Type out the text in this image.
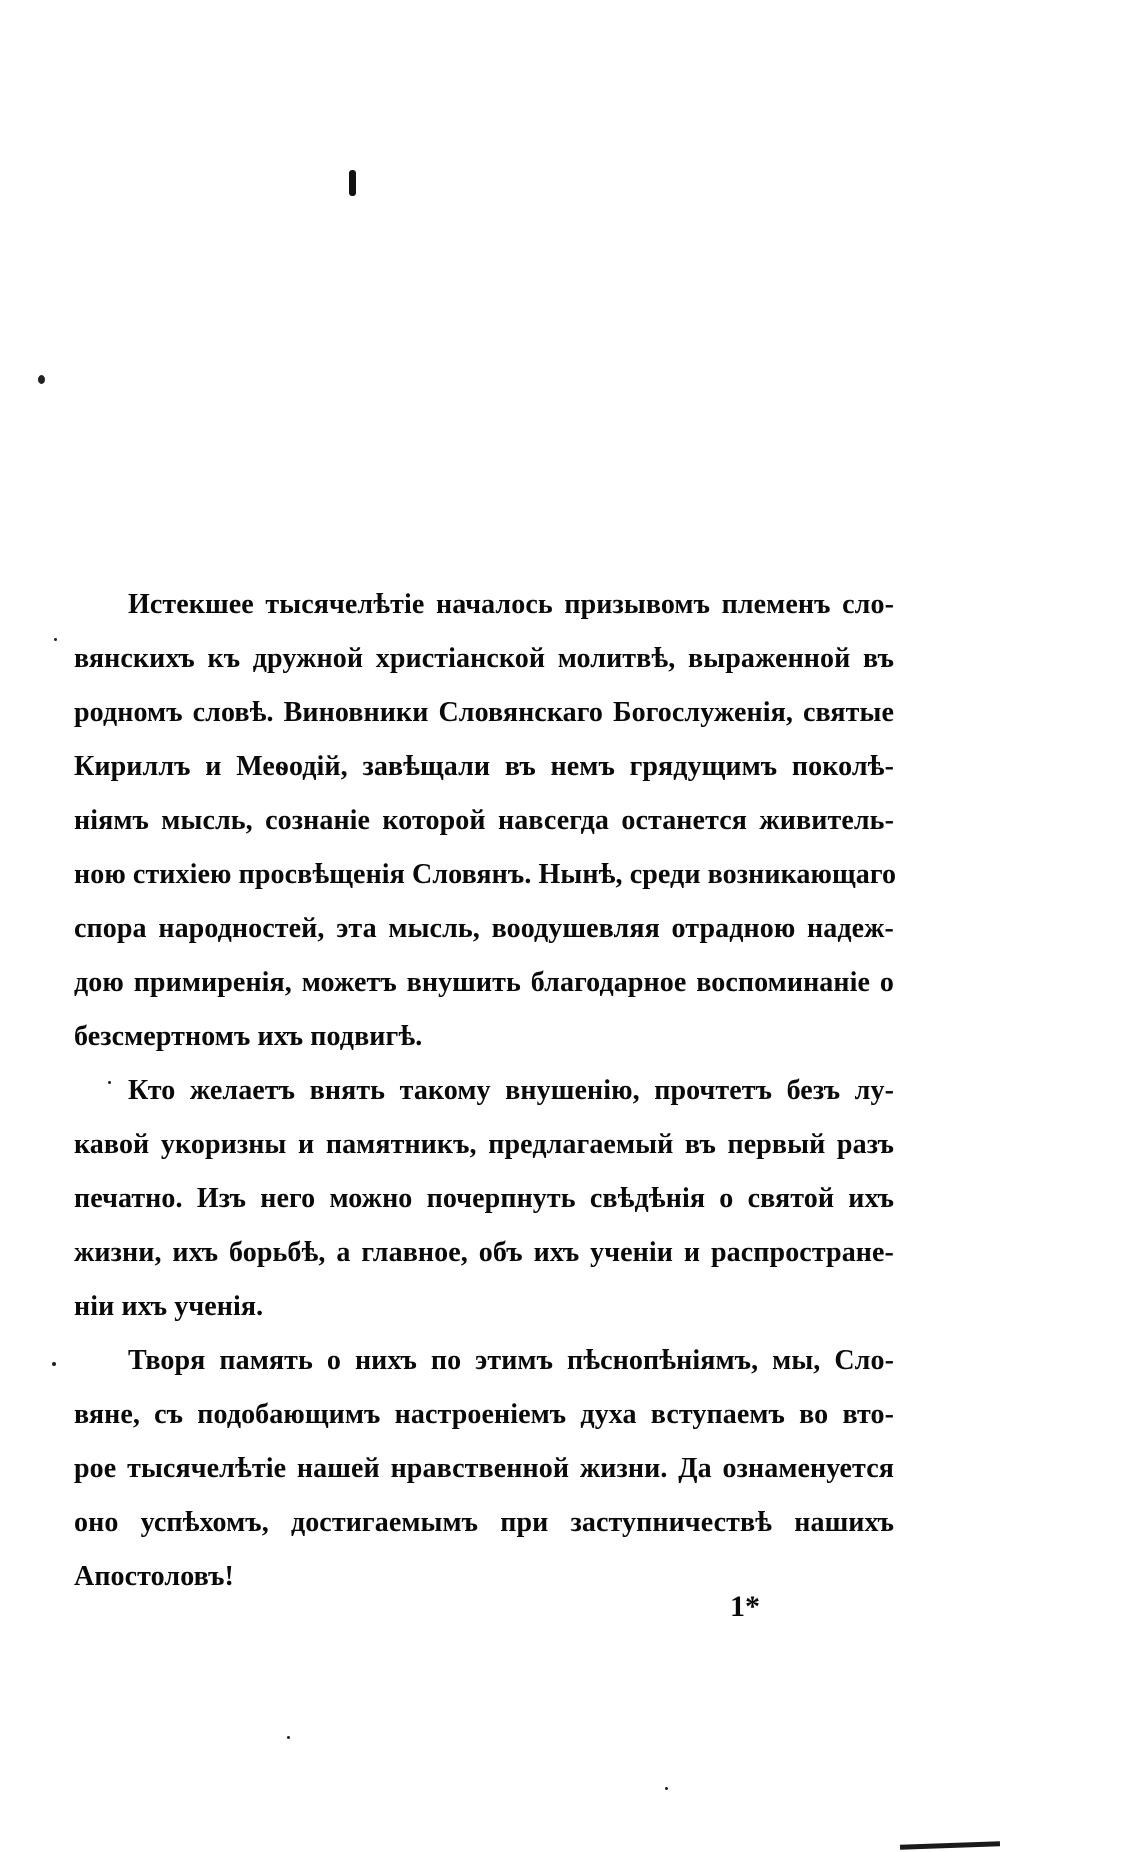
Истекшее тысячелѣтіе началось призывомъ племенъ сло-
вянскихъ къ дружной христіанской молитвѣ, выраженной въ
родномъ словѣ. Виновники Словянскаго Богослуженія, святые
Кириллъ и Меѳодій, завѣщали въ немъ грядущимъ поколѣ-
ніямъ мысль, сознаніе которой навсегда останется живитель-
ною стихіею просвѣщенія Словянъ. Нынѣ, среди возникающаго
спора народностей, эта мысль, воодушевляя отрадною надеж-
дою примиренія, можетъ внушить благодарное воспоминаніе о
безсмертномъ ихъ подвигѣ.
Кто желаетъ внять такому внушенію, прочтетъ безъ лу-
кавой укоризны и памятникъ, предлагаемый въ первый разъ
печатно. Изъ него можно почерпнуть свѣдѣнія о святой ихъ
жизни, ихъ борьбѣ, а главное, объ ихъ ученіи и распростране-
ніи ихъ ученія.
Творя память о нихъ по этимъ пѣснопѣніямъ, мы, Сло-
вяне, съ подобающимъ настроеніемъ духа вступаемъ во вто-
рое тысячелѣтіе нашей нравственной жизни. Да ознаменуется
оно успѣхомъ, достигаемымъ при заступничествѣ нашихъ
Апостоловъ!
1*
